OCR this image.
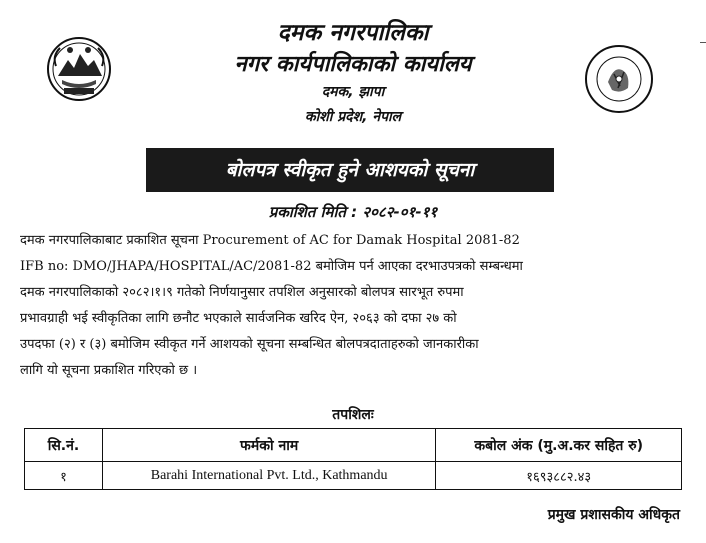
दमक नगरपालिका
नगर कार्यपालिकाको कार्यालय
दमक, झापा
कोशी प्रदेश, नेपाल
बोलपत्र स्वीकृत हुने आशयको सूचना
प्रकाशित मिति : २०८२-०१-११
दमक नगरपालिकाबाट प्रकाशित सूचना Procurement of AC for Damak Hospital 2081-82
IFB no: DMO/JHAPA/HOSPITAL/AC/2081-82 बमोजिम पर्न आएका दरभाउपत्रको सम्बन्धमा
दमक नगरपालिकाको २०८२।१।९ गतेको निर्णयानुसार तपशिल अनुसारको बोलपत्र सारभूत रुपमा
प्रभावग्राही भई स्वीकृतिका लागि छनौट भएकाले सार्वजनिक खरिद ऐन, २०६३ को दफा २७ को
उपदफा (२) र (३) बमोजिम स्वीकृत गर्ने आशयको सूचना सम्बन्धित बोलपत्रदाताहरुको जानकारीका
लागि यो सूचना प्रकाशित गरिएको छ ।
तपशिलः
सि.नं.	फर्मको नाम	कबोल अंक (मु.अ.कर सहित रु)
१	Barahi International Pvt. Ltd., Kathmandu	१६९३८८२.४३
प्रमुख प्रशासकीय अधिकृत
